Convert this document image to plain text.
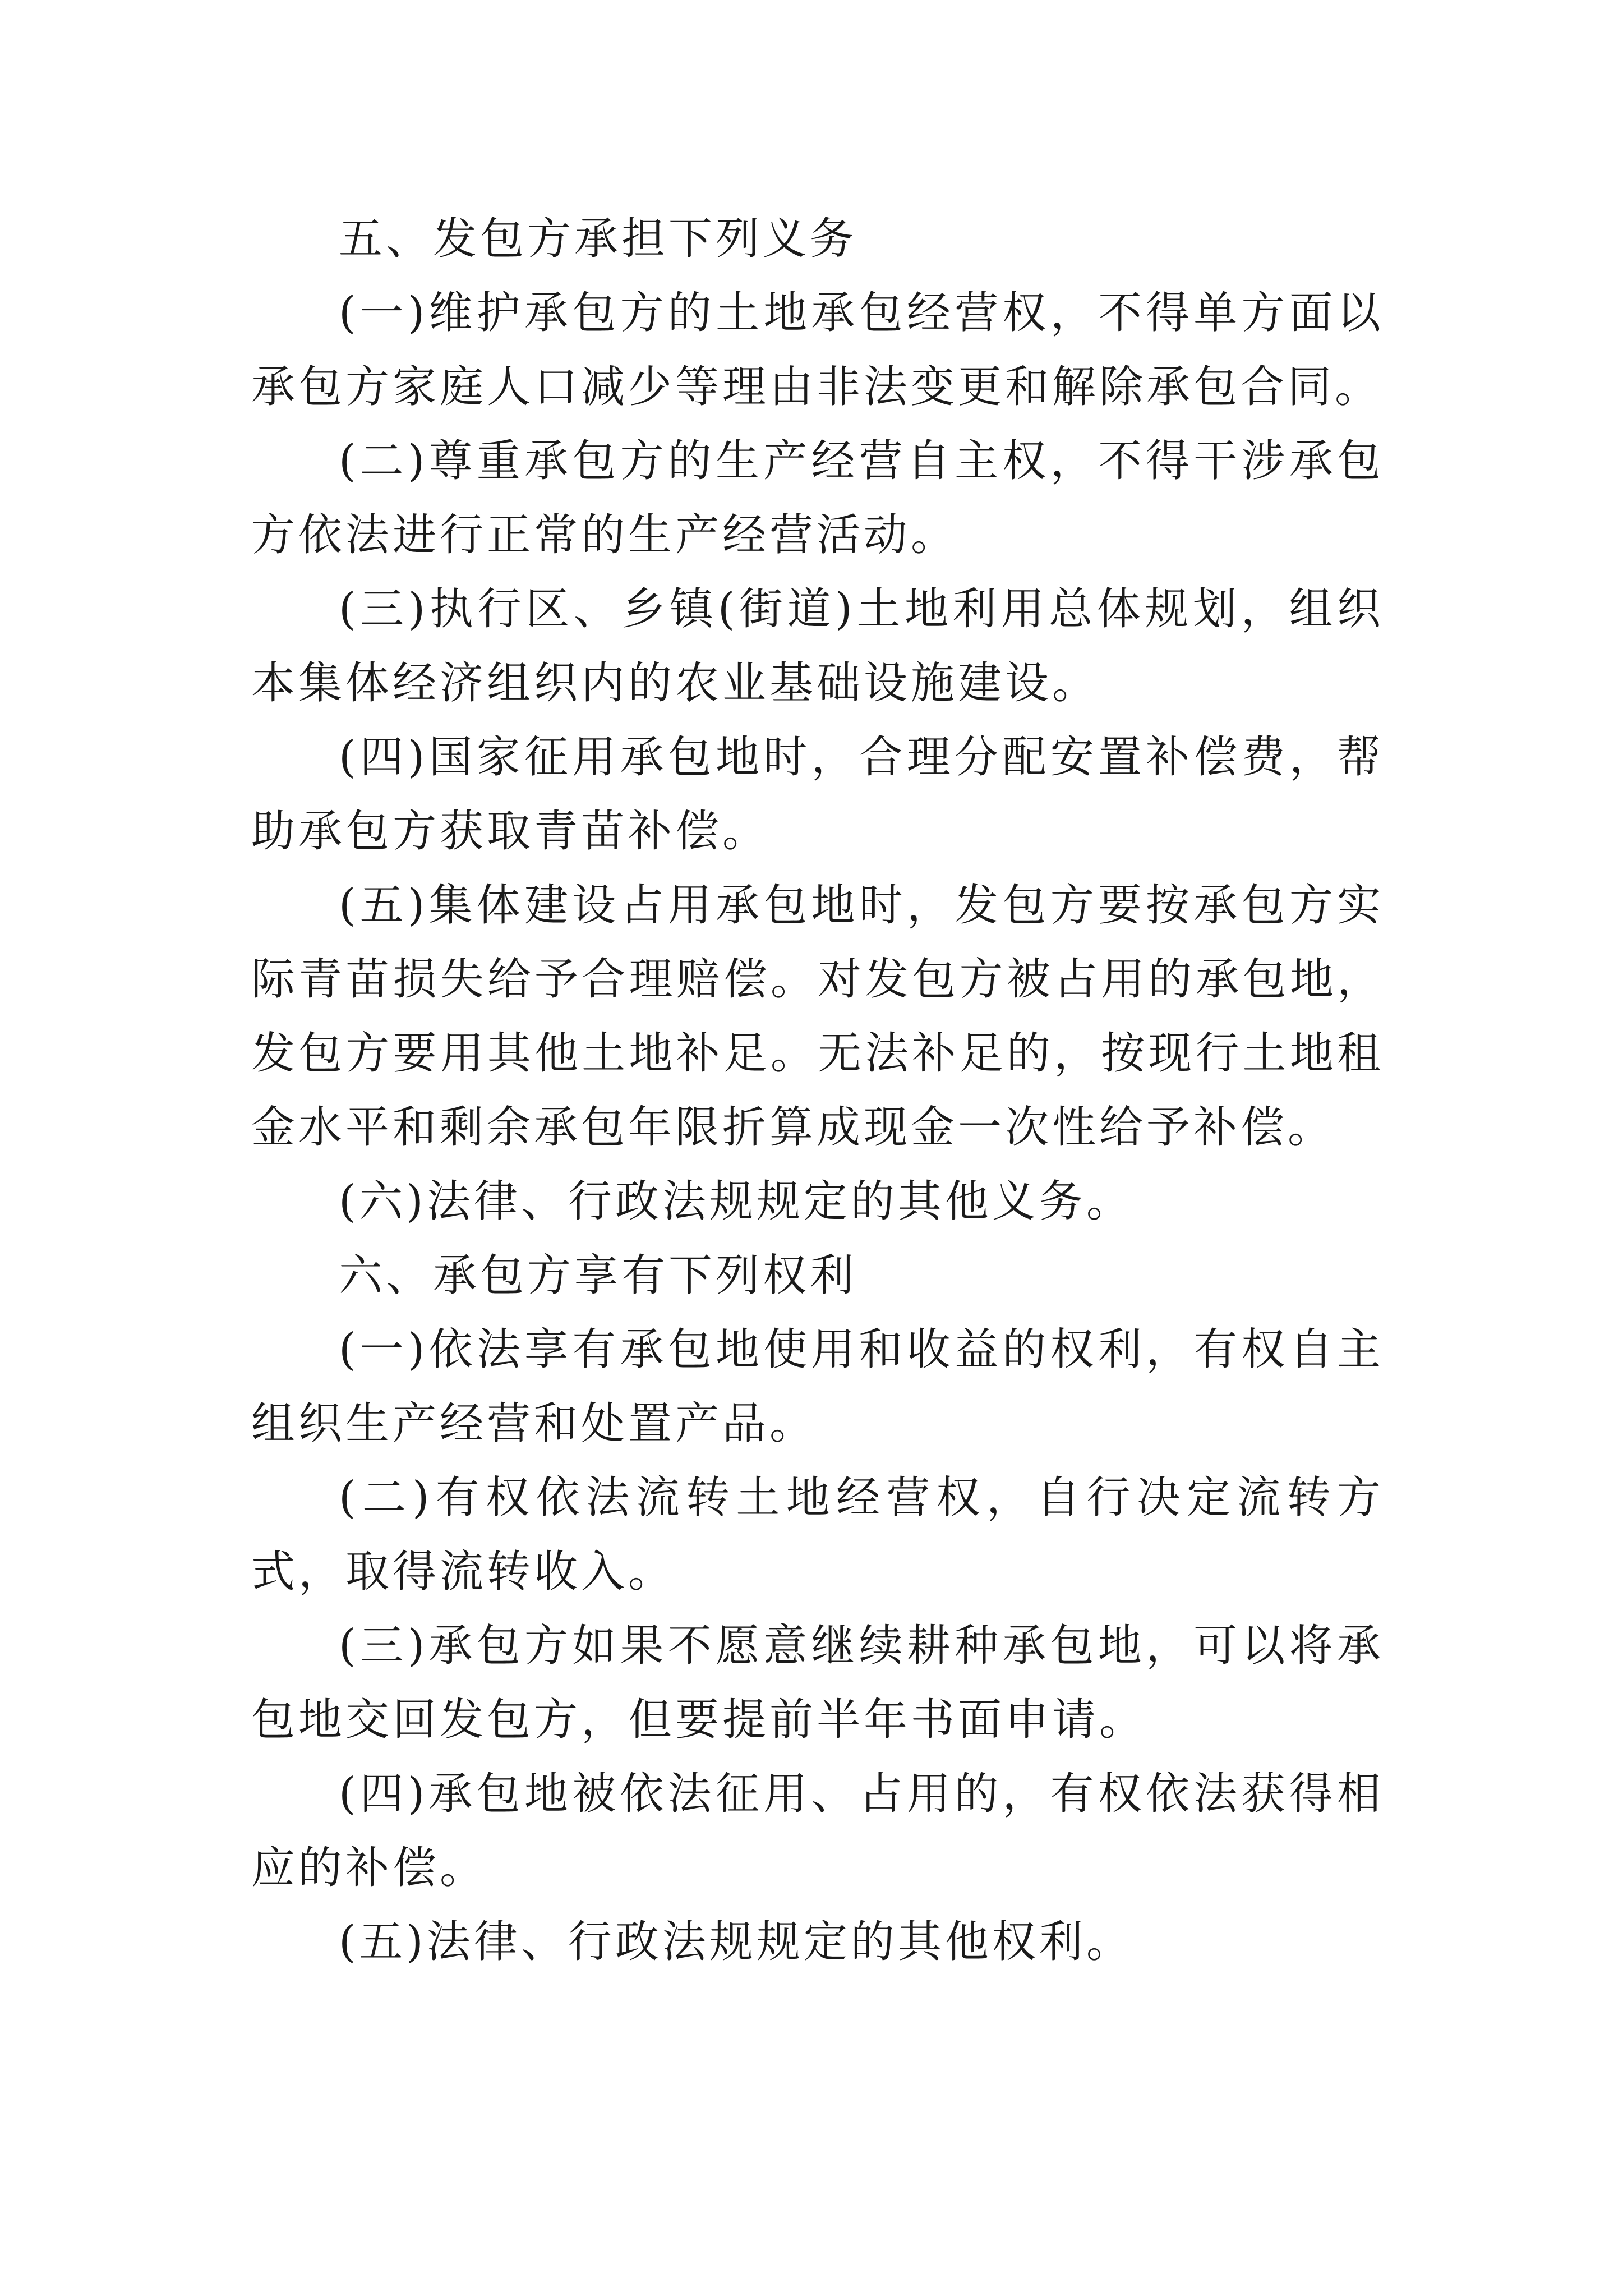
五、发包方承担下列义务

(一)维护承包方的土地承包经营权，不得单方面以承包方家庭人口减少等理由非法变更和解除承包合同。

(二)尊重承包方的生产经营自主权，不得干涉承包方依法进行正常的生产经营活动。

(三)执行区、乡镇(街道)土地利用总体规划，组织本集体经济组织内的农业基础设施建设。

(四)国家征用承包地时，合理分配安置补偿费，帮助承包方获取青苗补偿。

(五)集体建设占用承包地时，发包方要按承包方实际青苗损失给予合理赔偿。对发包方被占用的承包地，发包方要用其他土地补足。无法补足的，按现行土地租金水平和剩余承包年限折算成现金一次性给予补偿。

(六)法律、行政法规规定的其他义务。

六、承包方享有下列权利

(一)依法享有承包地使用和收益的权利，有权自主组织生产经营和处置产品。

(二)有权依法流转土地经营权，自行决定流转方式，取得流转收入。

(三)承包方如果不愿意继续耕种承包地，可以将承包地交回发包方，但要提前半年书面申请。

(四)承包地被依法征用、占用的，有权依法获得相应的补偿。

(五)法律、行政法规规定的其他权利。
